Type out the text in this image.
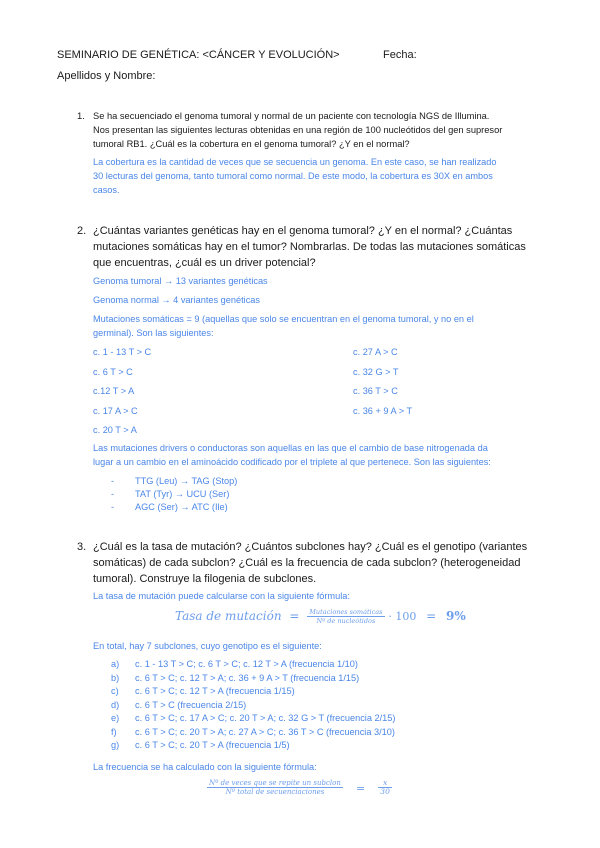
SEMINARIO DE GENÉTICA: <CÁNCER Y EVOLUCIÓN>	Fecha:
Apellidos y Nombre:
1. Se ha secuenciado el genoma tumoral y normal de un paciente con tecnología NGS de Illumina.
Nos presentan las siguientes lecturas obtenidas en una región de 100 nucleótidos del gen supresor
tumoral RB1. ¿Cuál es la cobertura en el genoma tumoral? ¿Y en el normal?
La cobertura es la cantidad de veces que se secuencia un genoma. En este caso, se han realizado
30 lecturas del genoma, tanto tumoral como normal. De este modo, la cobertura es 30X en ambos
casos.
2. ¿Cuántas variantes genéticas hay en el genoma tumoral? ¿Y en el normal? ¿Cuántas
mutaciones somáticas hay en el tumor? Nombrarlas. De todas las mutaciones somáticas
que encuentras, ¿cuál es un driver potencial?
Genoma tumoral → 13 variantes genéticas
Genoma normal → 4 variantes genéticas
Mutaciones somáticas = 9 (aquellas que solo se encuentran en el genoma tumoral, y no en el
germinal). Son las siguientes:
c. 1 - 13 T > C
c. 6 T > C
c.12 T > A
c. 17 A > C
c. 20 T > A
c. 27 A > C
c. 32 G > T
c. 36 T > C
c. 36 + 9 A > T
Las mutaciones drivers o conductoras son aquellas en las que el cambio de base nitrogenada da
lugar a un cambio en el aminoácido codificado por el triplete al que pertenece. Son las siguientes:
- TTG (Leu) → TAG (Stop)
- TAT (Tyr) → UCU (Ser)
- AGC (Ser) → ATC (Ile)
3. ¿Cuál es la tasa de mutación? ¿Cuántos subclones hay? ¿Cuál es el genotipo (variantes
somáticas) de cada subclon? ¿Cuál es la frecuencia de cada subclon? (heterogeneidad
tumoral). Construye la filogenia de subclones.
La tasa de mutación puede calcularse con la siguiente fórmula:
Tasa de mutación = $\frac{\text{Mutaciones somáticas}}{\text{Nº de nucleótidos}} \cdot 100 = 9\%$
En total, hay 7 subclones, cuyo genotipo es el siguiente:
a) c. 1 - 13 T > C; c. 6 T > C; c. 12 T > A (frecuencia 1/10)
b) c. 6 T > C; c. 12 T > A; c. 36 + 9 A > T (frecuencia 1/15)
c) c. 6 T > C; c. 12 T > A (frecuencia 1/15)
d) c. 6 T > C (frecuencia 2/15)
e) c. 6 T > C; c. 17 A > C; c. 20 T > A; c. 32 G > T (frecuencia 2/15)
f) c. 6 T > C; c. 20 T > A; c. 27 A > C; c. 36 T > C (frecuencia 3/10)
g) c. 6 T > C; c. 20 T > A (frecuencia 1/5)
La frecuencia se ha calculado con la siguiente fórmula:
$\frac{\text{Nº de veces que se repite un subclon}}{\text{Nº total de secuenciaciones}} = \frac{x}{30}$
